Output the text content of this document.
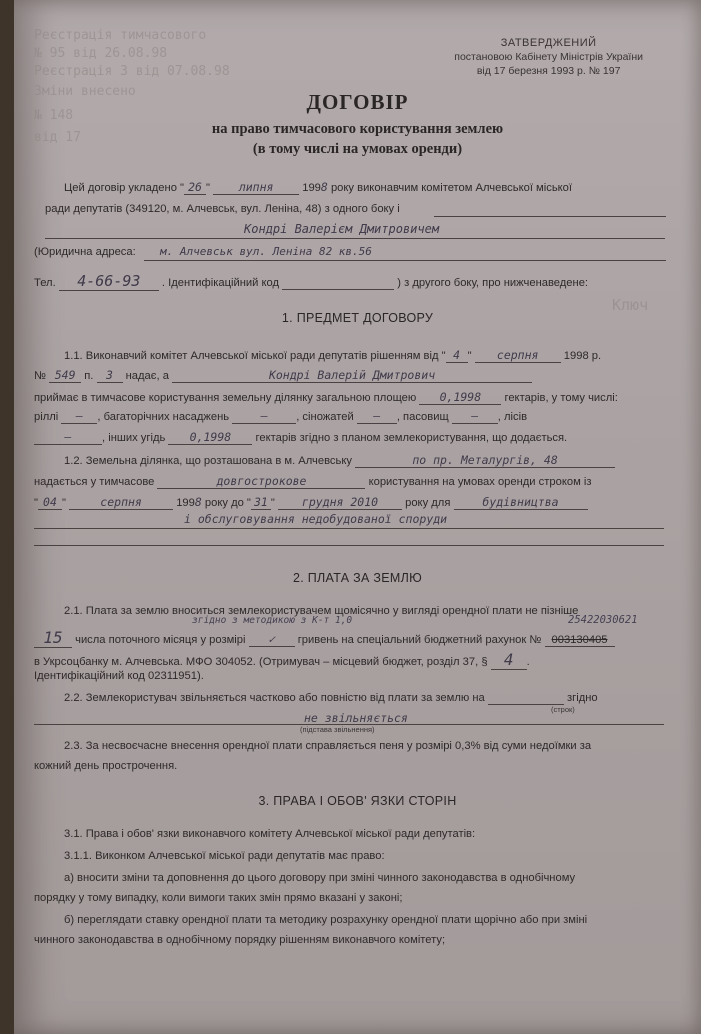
Реєстрація тимчасового
№ 95 від 26.08.98
Реєстрація 3 від 07.08.98
Зміни внесено
№ 148
від 17
Ключ
ЗАТВЕРДЖЕНИЙ
постановою Кабінету Міністрів України
від 17 березня 1993 р. № 197
ДОГОВІР
на право тимчасового користування землею
(в тому числі на умовах оренди)
Цей договір укладено " 26 " липня	1998 року виконавчим комітетом Алчевської міської
ради депутатів (349120, м. Алчевськ, вул. Леніна, 48) з одного боку і
Кондрі Валерієм Дмитровичем
(Юридична адреса: м. Алчевськ вул. Леніна 82 кв.56
Тел. 4-66-93 . Ідентифікаційний код	) з другого боку, про нижченаведене:
1. ПРЕДМЕТ ДОГОВОРУ
1.1. Виконавчий комітет Алчевської міської ради депутатів рішенням від " 4 " серпня 1998 р.
№ 549 п. 3 надає, а	Кондрі Валерій Дмитрович
приймає в тимчасове користування земельну ділянку загальною площею 0,1998 гектарів, у тому числі:
ріллі — , багаторічних насаджень	—	, сіножатей — , пасовищ — , лісів
—	, інших угідь 0,1998 гектарів згідно з планом землекористування, що додається.
1.2. Земельна ділянка, що розташована в м. Алчевську	по пр. Металургів, 48
надається у тимчасове	довгострокове	користування на умовах оренди строком із
" 04 "	серпня	1998 року до " 31 " грудня 2010 року для	будівництва
і обслуговування недобудованої споруди
2. ПЛАТА ЗА ЗЕМЛЮ
2.1. Плата за землю вноситься землекористувачем щомісячно у вигляді орендної плати не пізніше
згідно з методикою з К-т 1,0	25422030621
15 числа поточного місяця у розмірі ✓ гривень на спеціальний бюджетний рахунок № 003130405
в Укрсоцбанку м. Алчевська. МФО 304052. (Отримувач – місцевий бюджет, розділ 37, § 4 .
Ідентифікаційний код 02311951).
2.2. Землекористувач звільняється частково або повністю від плати за землю на	згідно
(строк)
не звільняється
(підстава звільнення)
2.3. За несвоєчасне внесення орендної плати справляється пеня у розмірі 0,3% від суми недоїмки за
кожний день прострочення.
3. ПРАВА І ОБОВ' ЯЗКИ СТОРІН
3.1. Права і обов' язки виконавчого комітету Алчевської міської ради депутатів:
3.1.1. Виконком Алчевської міської ради депутатів має право:
а) вносити зміни та доповнення до цього договору при зміні чинного законодавства в однобічному
порядку у тому випадку, коли вимоги таких змін прямо вказані у законі;
б) переглядати ставку орендної плати та методику розрахунку орендної плати щорічно або при зміні
чинного законодавства в однобічному порядку рішенням виконавчого комітету;
